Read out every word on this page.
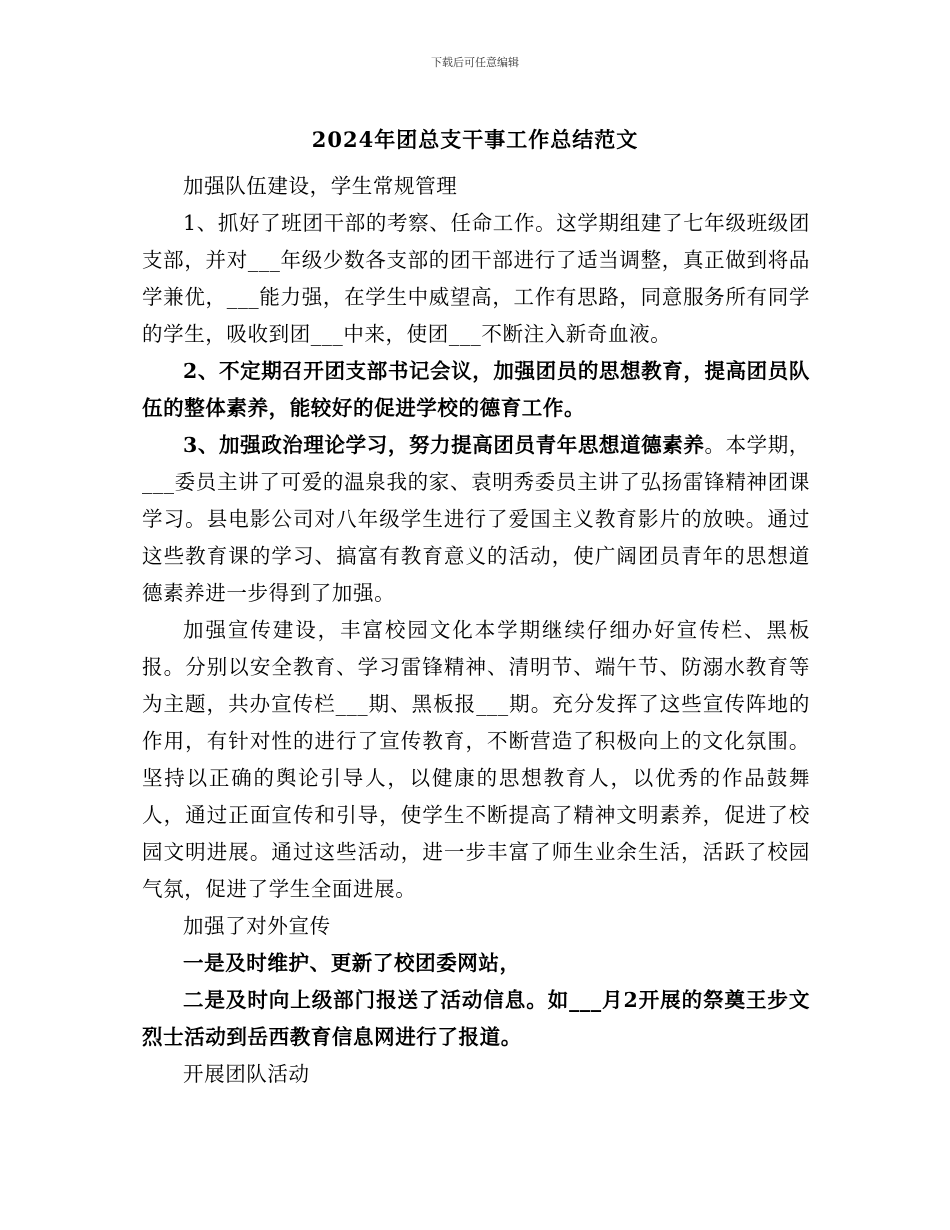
下载后可任意编辑
2024年团总支干事工作总结范文

加强队伍建设，学生常规管理

1、抓好了班团干部的考察、任命工作。这学期组建了七年级班级团支部，并对___年级少数各支部的团干部进行了适当调整，真正做到将品学兼优，___能力强，在学生中威望高，工作有思路，同意服务所有同学的学生，吸收到团___中来，使团___不断注入新奇血液。

2、不定期召开团支部书记会议，加强团员的思想教育，提高团员队伍的整体素养，能较好的促进学校的德育工作。

3、加强政治理论学习，努力提高团员青年思想道德素养。本学期，___委员主讲了可爱的温泉我的家、袁明秀委员主讲了弘扬雷锋精神团课学习。县电影公司对八年级学生进行了爱国主义教育影片的放映。通过这些教育课的学习、搞富有教育意义的活动，使广阔团员青年的思想道德素养进一步得到了加强。

加强宣传建设，丰富校园文化本学期继续仔细办好宣传栏、黑板报。分别以安全教育、学习雷锋精神、清明节、端午节、防溺水教育等为主题，共办宣传栏___期、黑板报___期。充分发挥了这些宣传阵地的作用，有针对性的进行了宣传教育，不断营造了积极向上的文化氛围。坚持以正确的舆论引导人，以健康的思想教育人，以优秀的作品鼓舞人，通过正面宣传和引导，使学生不断提高了精神文明素养，促进了校园文明进展。通过这些活动，进一步丰富了师生业余生活，活跃了校园气氛，促进了学生全面进展。

加强了对外宣传

一是及时维护、更新了校团委网站，

二是及时向上级部门报送了活动信息。如___月2开展的祭奠王步文烈士活动到岳西教育信息网进行了报道。

开展团队活动
